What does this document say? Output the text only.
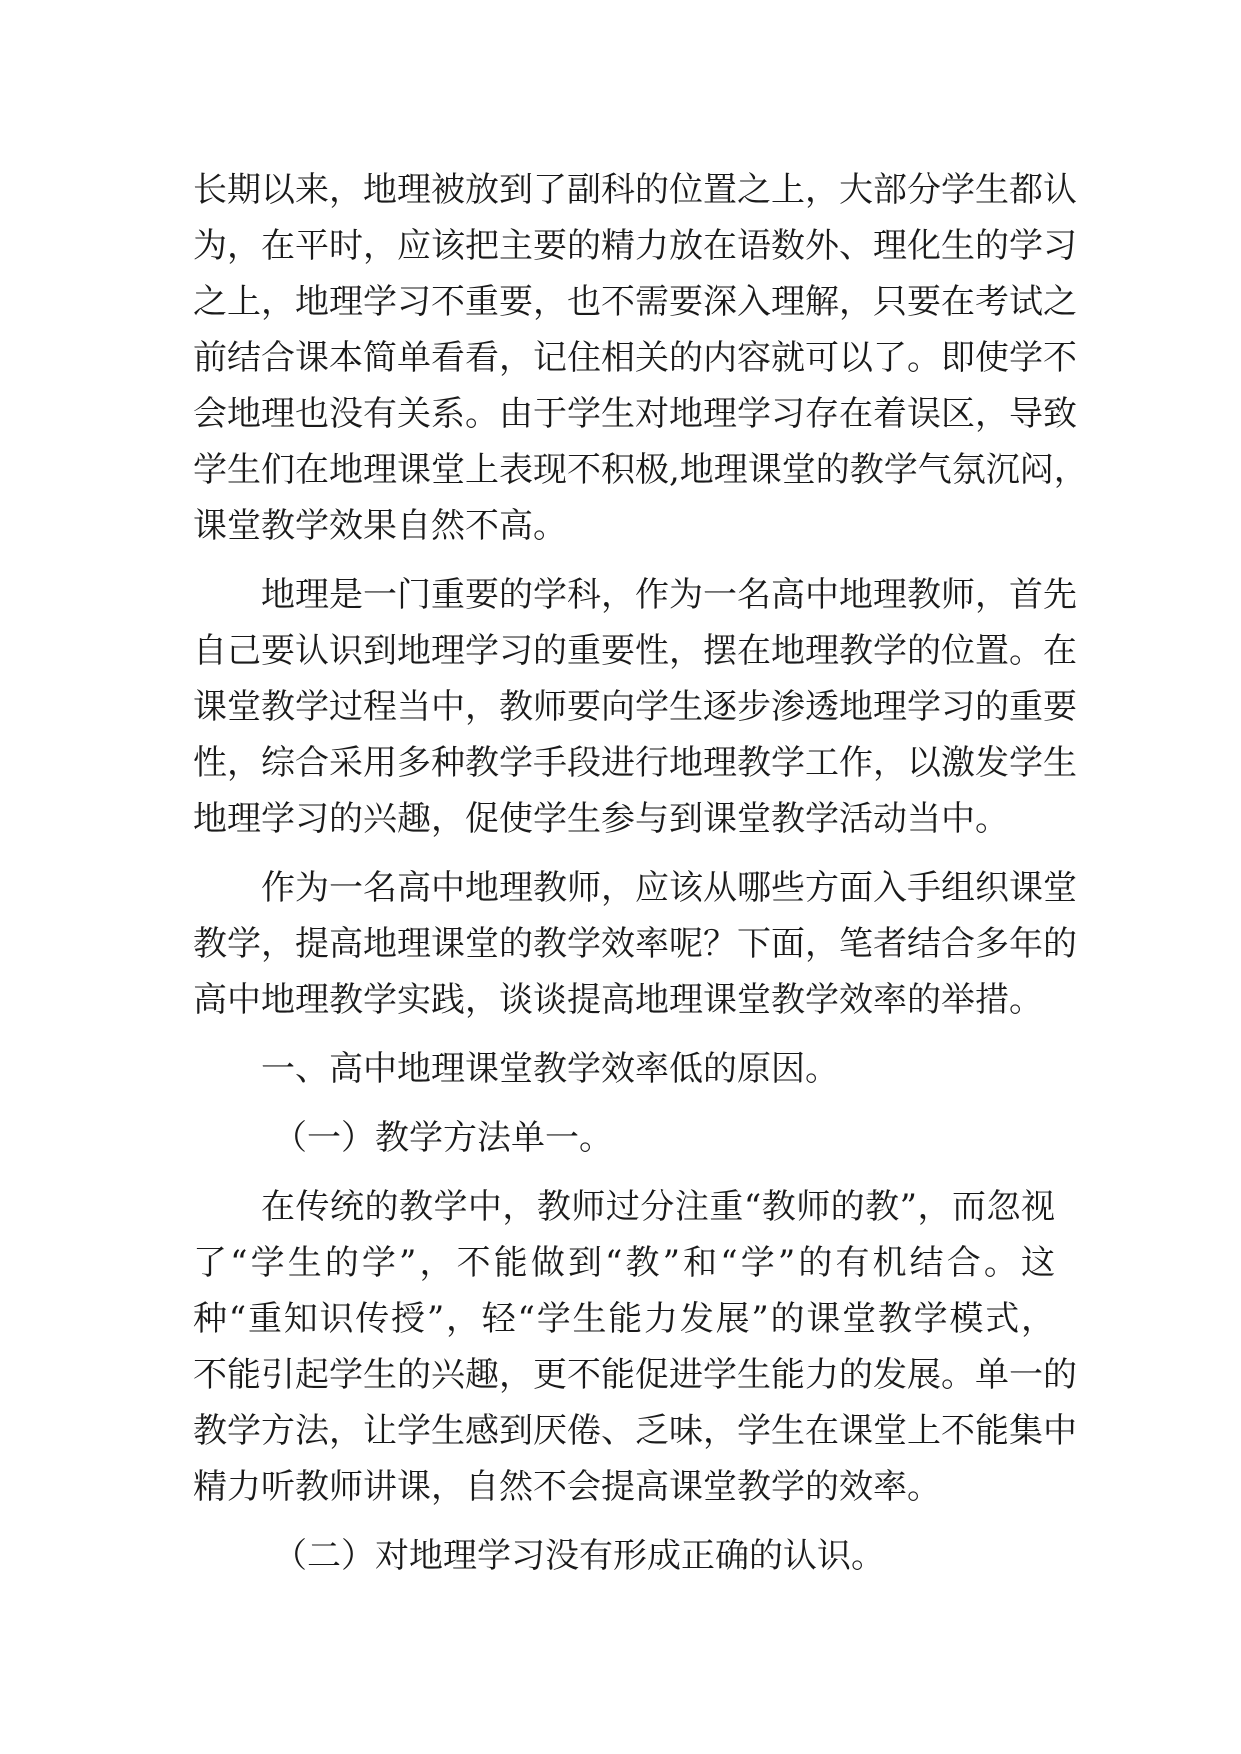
长期以来，地理被放到了副科的位置之上，大部分学生都认
为，在平时，应该把主要的精力放在语数外、理化生的学习
之上，地理学习不重要，也不需要深入理解，只要在考试之
前结合课本简单看看，记住相关的内容就可以了。即使学不
会地理也没有关系。由于学生对地理学习存在着误区，导致
学生们在地理课堂上表现不积极,地理课堂的教学气氛沉闷，
课堂教学效果自然不高。
地理是一门重要的学科，作为一名高中地理教师，首先
自己要认识到地理学习的重要性，摆在地理教学的位置。在
课堂教学过程当中，教师要向学生逐步渗透地理学习的重要
性，综合采用多种教学手段进行地理教学工作，以激发学生
地理学习的兴趣，促使学生参与到课堂教学活动当中。
作为一名高中地理教师，应该从哪些方面入手组织课堂
教学，提高地理课堂的教学效率呢？下面，笔者结合多年的
高中地理教学实践，谈谈提高地理课堂教学效率的举措。
一、高中地理课堂教学效率低的原因。
（一）教学方法单一。
在传统的教学中，教师过分注重“教师的教”，而忽视
了“学生的学”，不能做到“教”和“学”的有机结合。这
种“重知识传授”，轻“学生能力发展”的课堂教学模式，
不能引起学生的兴趣，更不能促进学生能力的发展。单一的
教学方法，让学生感到厌倦、乏味，学生在课堂上不能集中
精力听教师讲课，自然不会提高课堂教学的效率。
（二）对地理学习没有形成正确的认识。
